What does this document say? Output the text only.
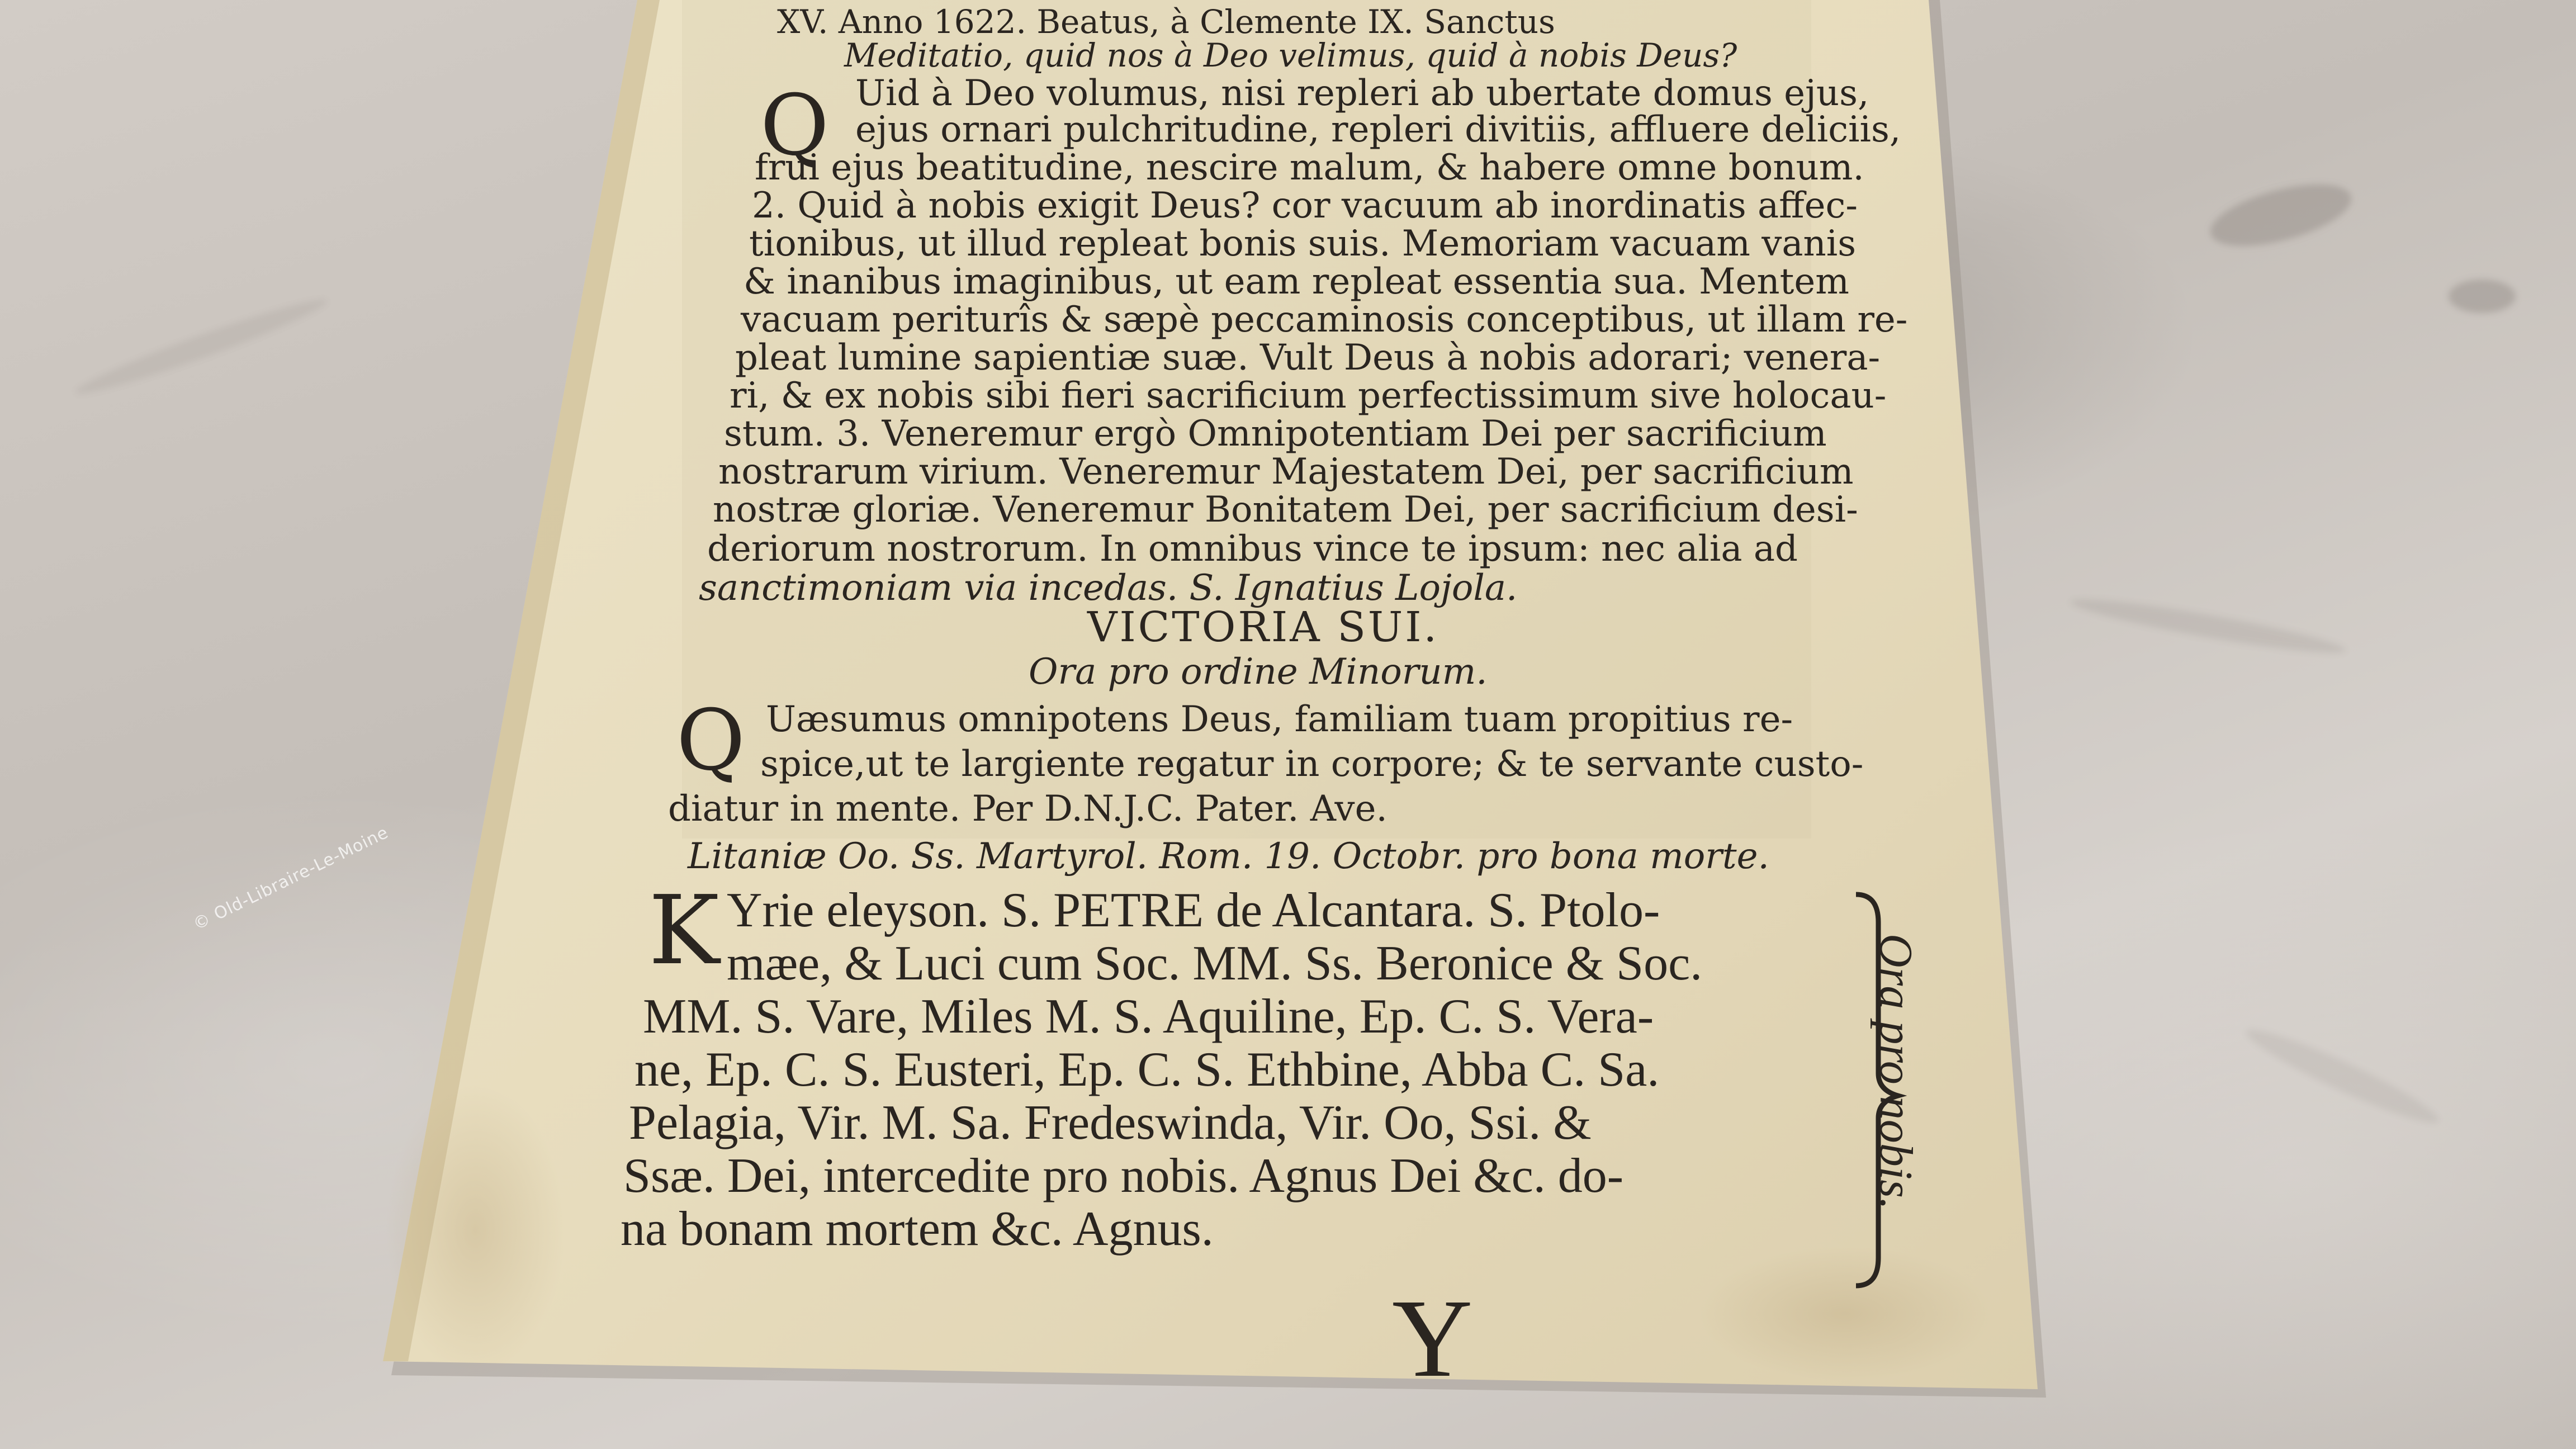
© Old-Libraire-Le-Moine
XV. Anno 1622. Beatus, à Clemente IX. Sanctus
Meditatio, quid nos à Deo velimus, quid à nobis Deus?
Q Uid à Deo volumus, nisi repleri ab ubertate domus ejus,
ejus ornari pulchritudine, repleri divitiis, affluere deliciis,
frui ejus beatitudine, nescire malum, & habere omne bonum.
2. Quid à nobis exigit Deus? cor vacuum ab inordinatis affec-
tionibus, ut illud repleat bonis suis. Memoriam vacuam vanis
& inanibus imaginibus, ut eam repleat essentia sua. Mentem
vacuam periturîs & sæpè peccaminosis conceptibus, ut illam re-
pleat lumine sapientiæ suæ. Vult Deus à nobis adorari; venera-
ri, & ex nobis sibi fieri sacrificium perfectissimum sive holocau-
stum. 3. Veneremur ergò Omnipotentiam Dei per sacrificium
nostrarum virium. Veneremur Majestatem Dei, per sacrificium
nostræ gloriæ. Veneremur Bonitatem Dei, per sacrificium desi-
deriorum nostrorum. In omnibus vince te ipsum: nec alia ad
sanctimoniam via incedas. S. Ignatius Lojola.
VICTORIA SUI.
Ora pro ordine Minorum.
Q Uæsumus omnipotens Deus, familiam tuam propitius re-
spice,ut te largiente regatur in corpore; & te servante custo-
diatur in mente. Per D.N.J.C. Pater. Ave.
Litaniæ Oo. Ss. Martyrol. Rom. 19. Octobr. pro bona morte.
K Yrie eleyson. S. PETRE de Alcantara. S. Ptolo-
mæe, & Luci cum Soc. MM. Ss. Beronice & Soc.
MM. S. Vare, Miles M. S. Aquiline, Ep. C. S. Vera-
ne, Ep. C. S. Eusteri, Ep. C. S. Ethbine, Abba C. Sa.
Pelagia, Vir. M. Sa. Fredeswinda, Vir. Oo, Ssi. &
Ssæ. Dei, intercedite pro nobis. Agnus Dei &c. do-
na bonam mortem &c. Agnus.
Ora pro nobis.
Y
